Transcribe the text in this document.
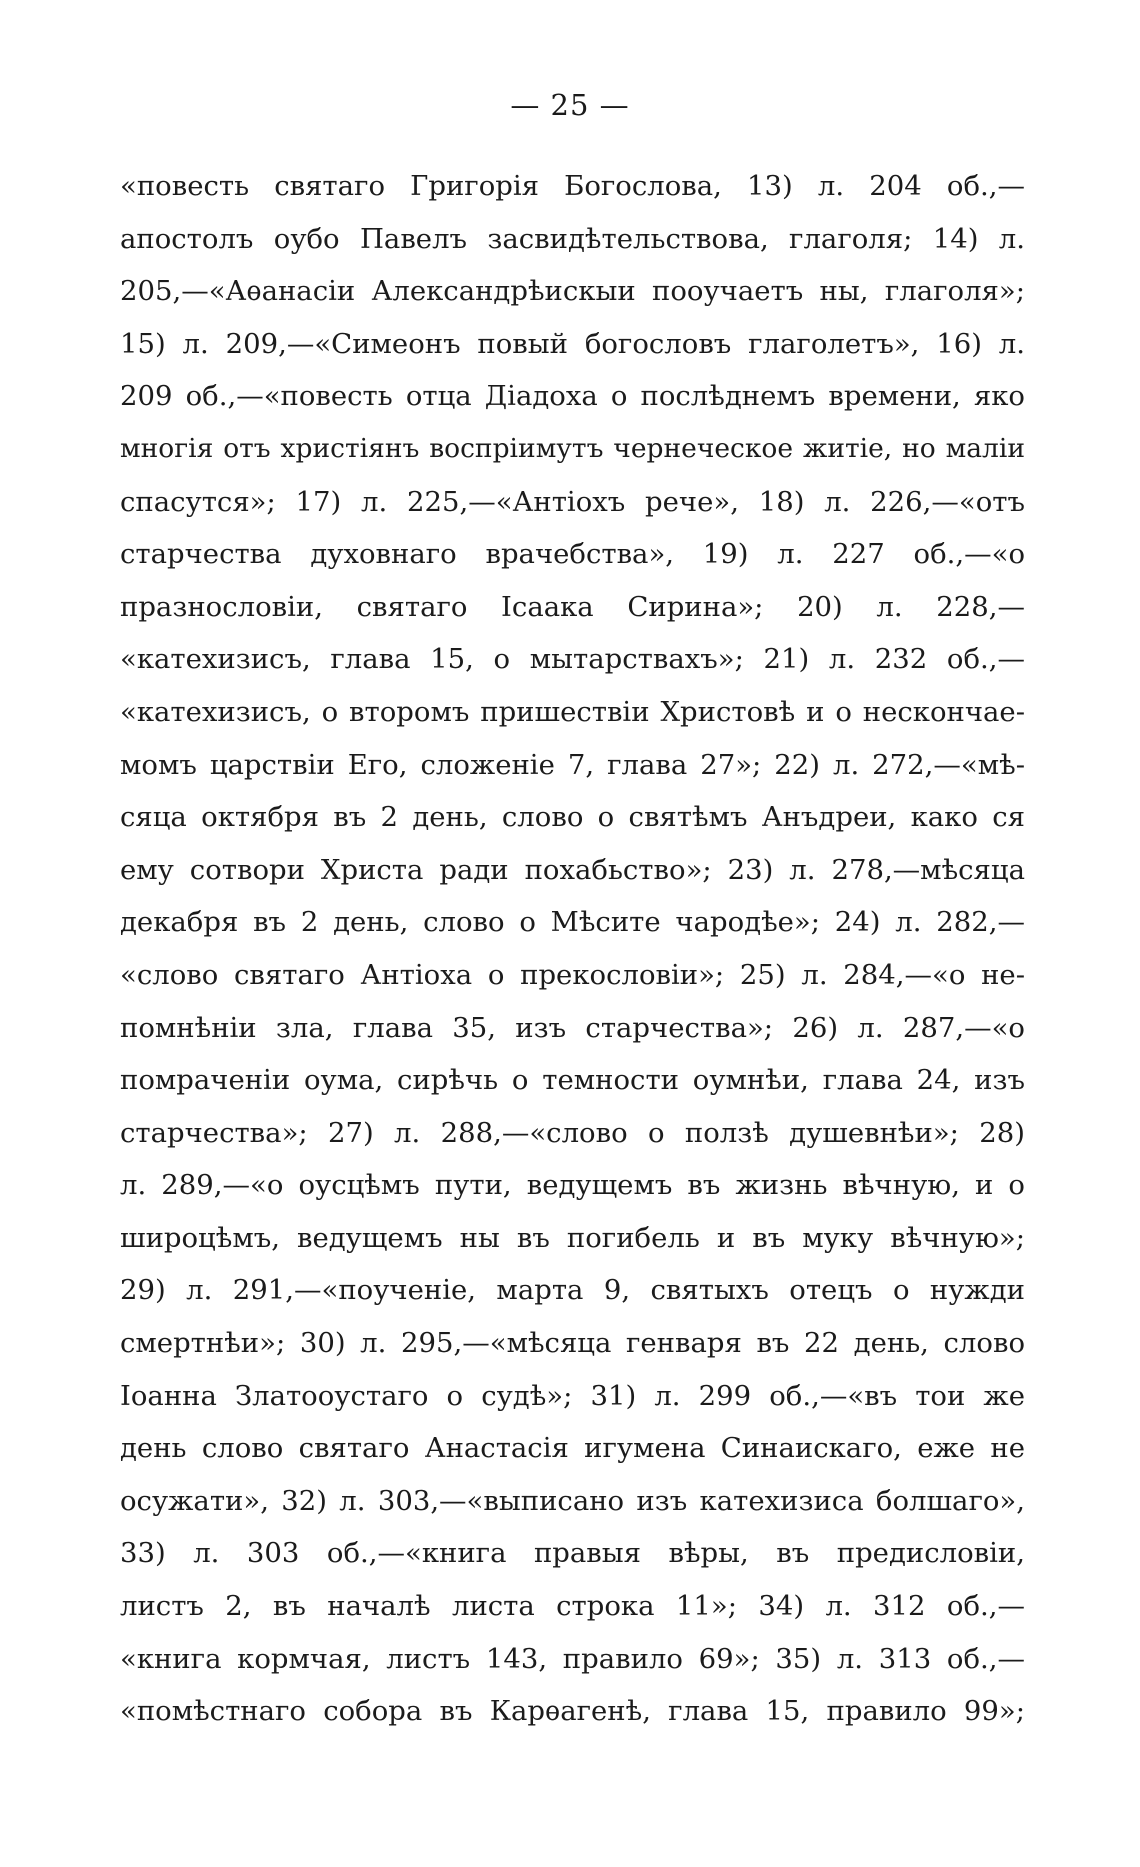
— 25 —
«повесть святаго Григорія Богослова, 13) л. 204 об.,—
апостолъ оубо Павелъ засвидѣтельствова, глаголя; 14) л.
205,—«Аѳанасіи Александрѣискыи пооучаетъ ны, глаголя»;
15) л. 209,—«Симеонъ повый богословъ глаголетъ», 16) л.
209 об.,—«повесть отца Діадоха о послѣднемъ времени, яко
многія отъ христіянъ воспріимутъ чернеческое житіе, но маліи
спасутся»; 17) л. 225,—«Антіохъ рече», 18) л. 226,—«отъ
старчества духовнаго врачебства», 19) л. 227 об.,—«о
празнословіи, святаго Ісаака Сирина»; 20) л. 228,—
«катехизисъ, глава 15, о мытарствахъ»; 21) л. 232 об.,—
«катехизисъ, о второмъ пришествіи Христовѣ и о нескончае-
момъ царствіи Его, сложеніе 7, глава 27»; 22) л. 272,—«мѣ-
сяца октября въ 2 день, слово о святѣмъ Анъдреи, како ся
ему сотвори Христа ради похабьство»; 23) л. 278,—мѣсяца
декабря въ 2 день, слово о Мѣсите чародѣе»; 24) л. 282,—
«слово святаго Антіоха о прекословіи»; 25) л. 284,—«о не-
помнѣніи зла, глава 35, изъ старчества»; 26) л. 287,—«о
помраченіи оума, сирѣчь о темности оумнѣи, глава 24, изъ
старчества»; 27) л. 288,—«слово о ползѣ душевнѣи»; 28)
л. 289,—«о оусцѣмъ пути, ведущемъ въ жизнь вѣчную, и о
широцѣмъ, ведущемъ ны въ погибель и въ муку вѣчную»;
29) л. 291,—«поученіе, марта 9, святыхъ отецъ о нужди
смертнѣи»; 30) л. 295,—«мѣсяца генваря въ 22 день, слово
Іоанна Златооустаго о судѣ»; 31) л. 299 об.,—«въ тои же
день слово святаго Анастасія игумена Синаискаго, еже не
осужати», 32) л. 303,—«выписано изъ катехизиса болшаго»,
33) л. 303 об.,—«книга правыя вѣры, въ предисловіи,
листъ 2, въ началѣ листа строка 11»; 34) л. 312 об.,—
«книга кормчая, листъ 143, правило 69»; 35) л. 313 об.,—
«помѣстнаго собора въ Карѳагенѣ, глава 15, правило 99»;
